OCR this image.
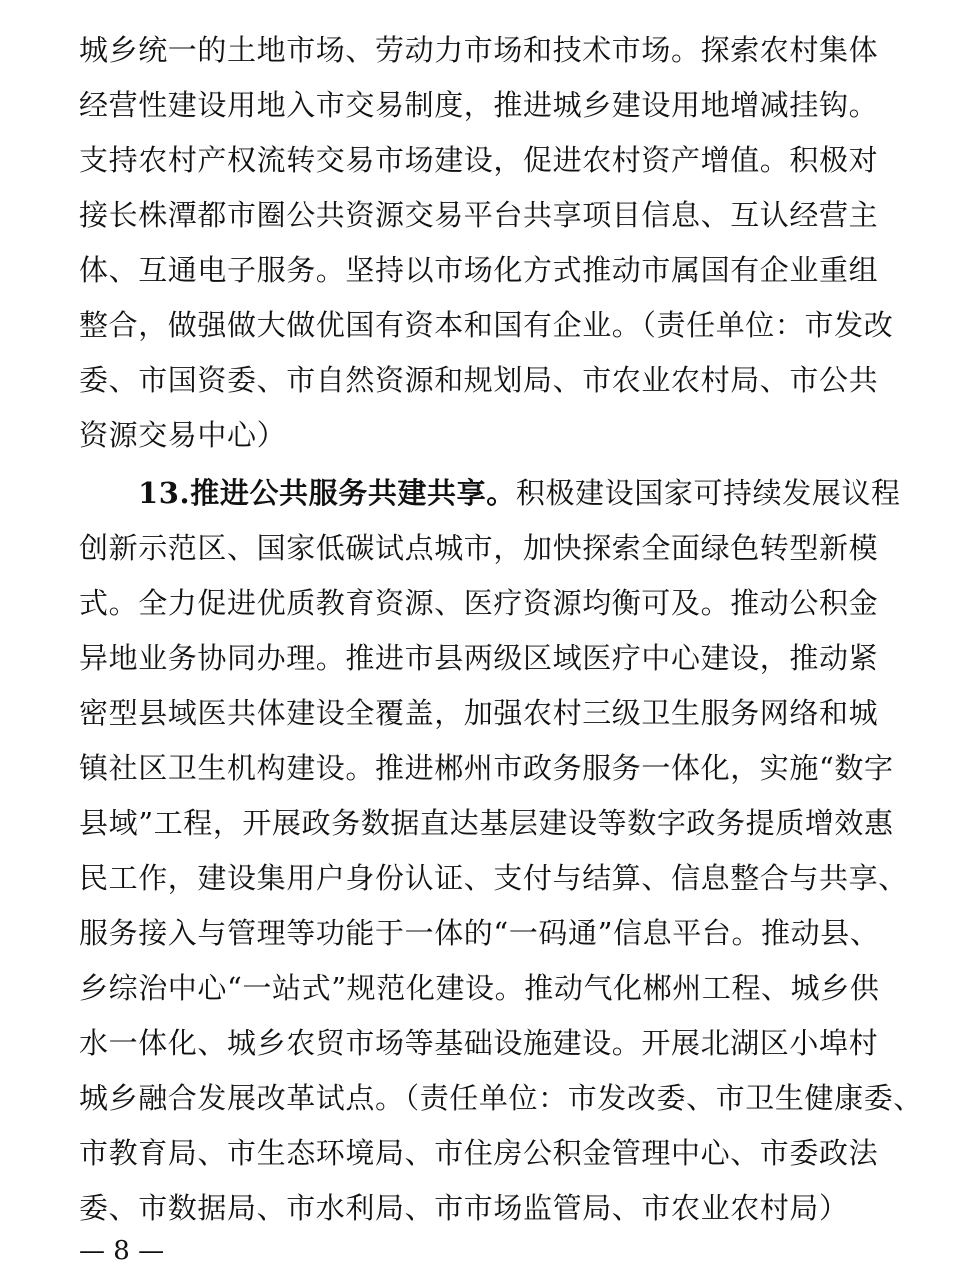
城乡统一的土地市场、劳动力市场和技术市场。探索农村集体
经营性建设用地入市交易制度，推进城乡建设用地增减挂钩。
支持农村产权流转交易市场建设，促进农村资产增值。积极对
接长株潭都市圈公共资源交易平台共享项目信息、互认经营主
体、互通电子服务。坚持以市场化方式推动市属国有企业重组
整合，做强做大做优国有资本和国有企业。（责任单位：市发改
委、市国资委、市自然资源和规划局、市农业农村局、市公共
资源交易中心）
13.推进公共服务共建共享。积极建设国家可持续发展议程
创新示范区、国家低碳试点城市，加快探索全面绿色转型新模
式。全力促进优质教育资源、医疗资源均衡可及。推动公积金
异地业务协同办理。推进市县两级区域医疗中心建设，推动紧
密型县域医共体建设全覆盖，加强农村三级卫生服务网络和城
镇社区卫生机构建设。推进郴州市政务服务一体化，实施“数字
县域”工程，开展政务数据直达基层建设等数字政务提质增效惠
民工作，建设集用户身份认证、支付与结算、信息整合与共享、
服务接入与管理等功能于一体的“一码通”信息平台。推动县、
乡综治中心“一站式”规范化建设。推动气化郴州工程、城乡供
水一体化、城乡农贸市场等基础设施建设。开展北湖区小埠村
城乡融合发展改革试点。（责任单位：市发改委、市卫生健康委、
市教育局、市生态环境局、市住房公积金管理中心、市委政法
委、市数据局、市水利局、市市场监管局、市农业农村局）
— 8 —
